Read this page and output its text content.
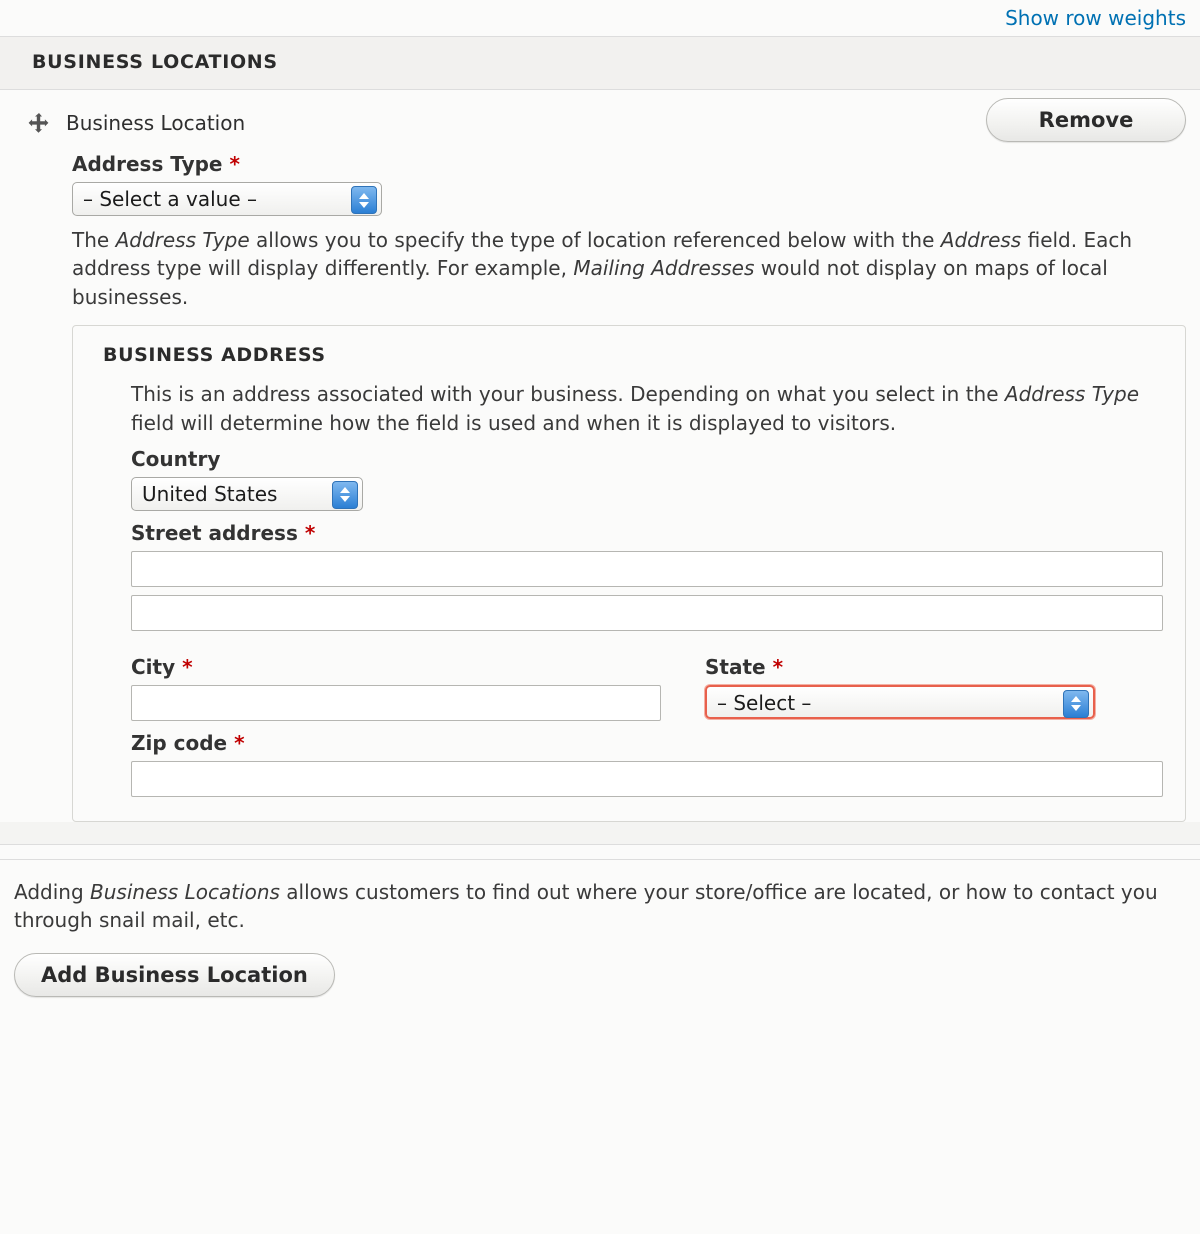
Show row weights
BUSINESS LOCATIONS
Business Location	Remove
Address Type *
– Select a value –

The Address Type allows you to specify the type of location referenced below with the Address field. Each address type will display differently. For example, Mailing Addresses would not display on maps of local businesses.

BUSINESS ADDRESS

This is an address associated with your business. Depending on what you select in the Address Type field will determine how the field is used and when it is displayed to visitors.

Country
United States
Street address *
City *	State *
– Select –
Zip code *

Adding Business Locations allows customers to find out where your store/office are located, or how to contact you through snail mail, etc.

Add Business Location
